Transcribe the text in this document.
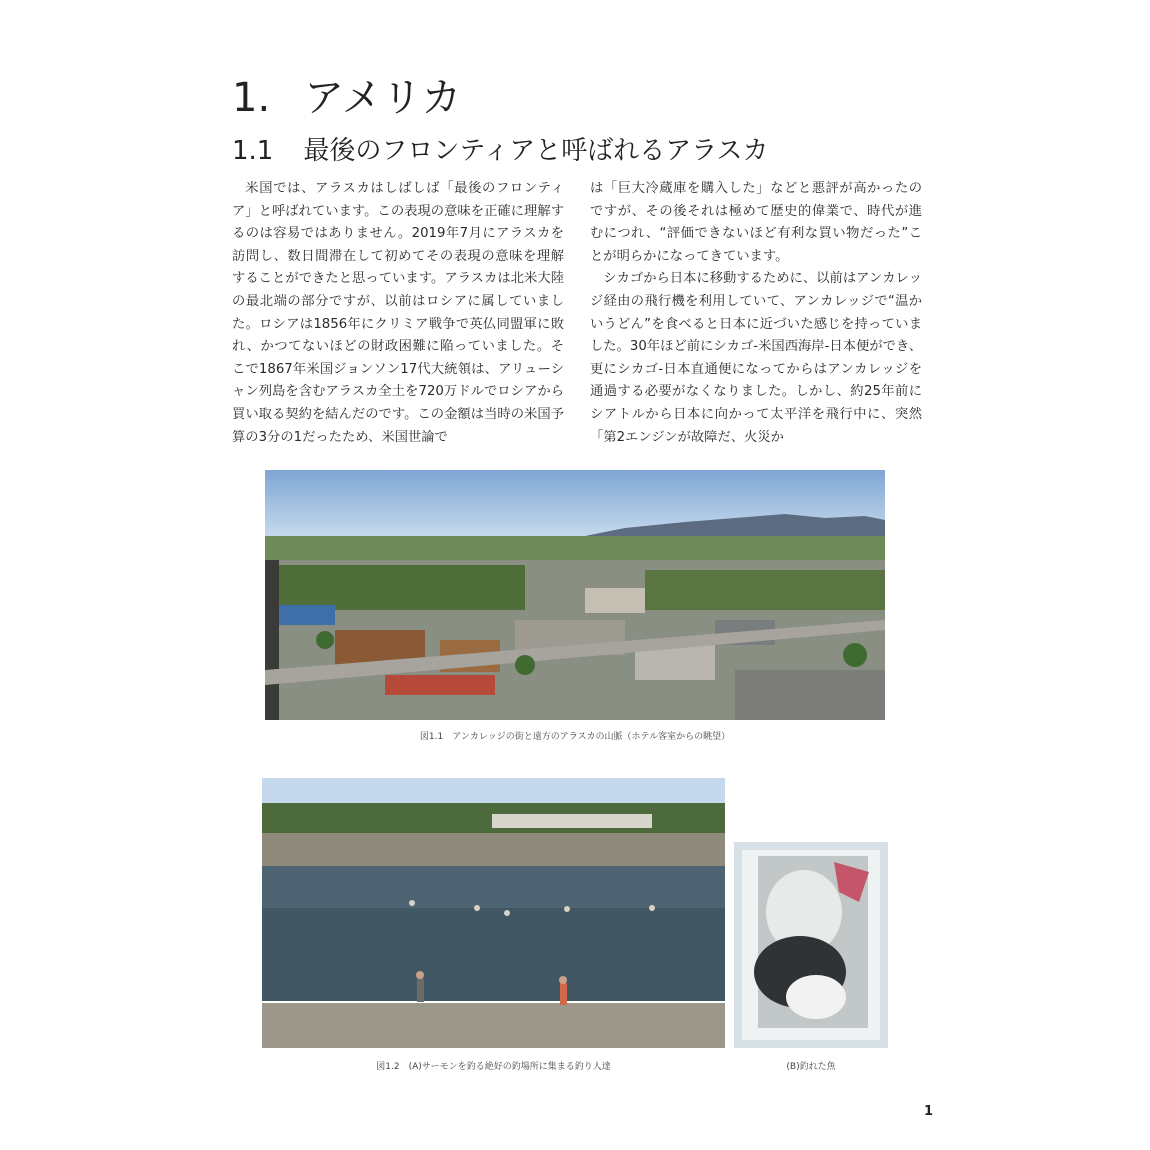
1. アメリカ
1.1 最後のフロンティアと呼ばれるアラスカ

米国では、アラスカはしばしば「最後のフロンティア」と呼ばれています。この表現の意味を正確に理解するのは容易ではありません。2019年7月にアラスカを訪問し、数日間滞在して初めてその表現の意味を理解することができたと思っています。アラスカは北米大陸の最北端の部分ですが、以前はロシアに属していました。ロシアは1856年にクリミア戦争で英仏同盟軍に敗れ、かつてないほどの財政困難に陥っていました。そこで1867年米国ジョンソン17代大統領は、アリューシャン列島を含むアラスカ全土を720万ドルでロシアから買い取る契約を結んだのです。この金額は当時の米国予算の3分の1だったため、米国世論で

は「巨大冷蔵庫を購入した」などと悪評が高かったのですが、その後それは極めて歴史的偉業で、時代が進むにつれ、“評価できないほど有利な買い物だった”ことが明らかになってきています。

シカゴから日本に移動するために、以前はアンカレッジ経由の飛行機を利用していて、アンカレッジで“温かいうどん”を食べると日本に近づいた感じを持っていました。30年ほど前にシカゴ-米国西海岸-日本便ができ、更にシカゴ-日本直通便になってからはアンカレッジを通過する必要がなくなりました。しかし、約25年前にシアトルから日本に向かって太平洋を飛行中に、突然「第2エンジンが故障だ、火災か

図1.1　アンカレッジの街と遠方のアラスカの山脈（ホテル客室からの眺望）
図1.2　(A)サーモンを釣る絶好の釣場所に集まる釣り人達	(B)釣れた魚
1
